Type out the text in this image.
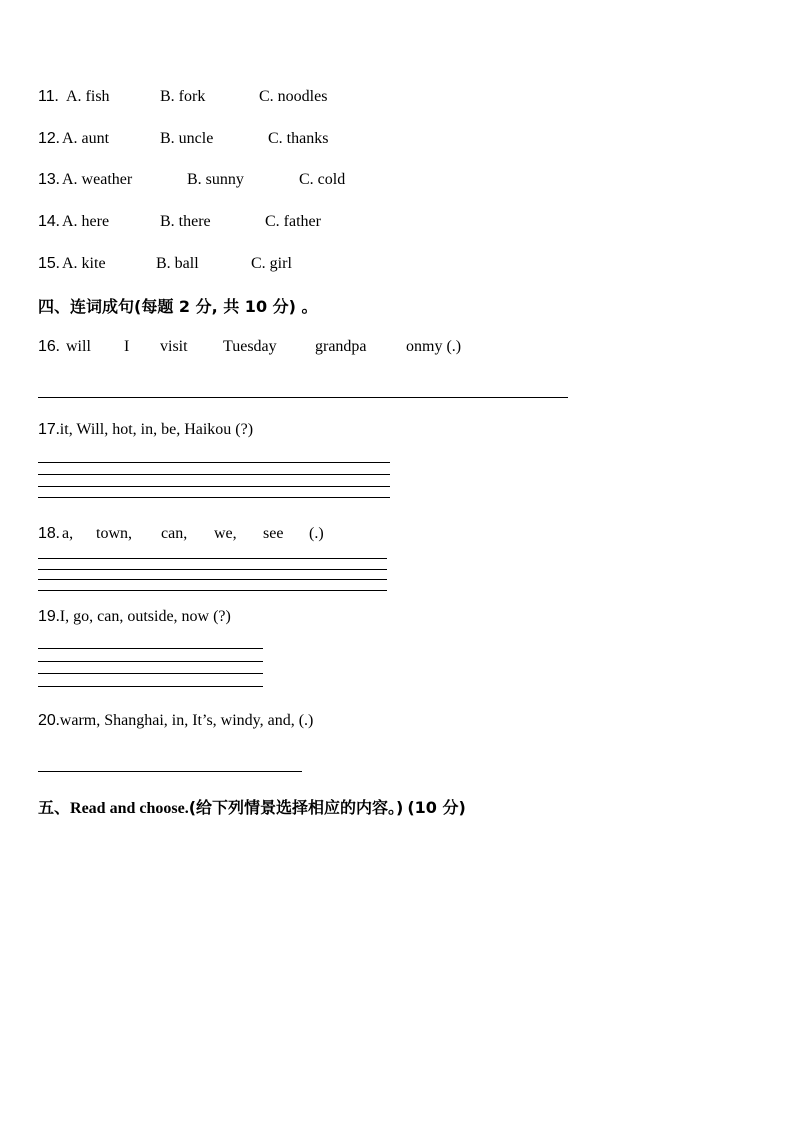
11. A. fish	B. fork	C. noodles
12. A. aunt	B. uncle	C. thanks
13. A. weather	B. sunny	C. cold
14. A. here	B. there	C. father
15. A. kite	B. ball	C. girl
四、连词成句(每题 2 分, 共 10 分) 。
16. will I visit Tuesday grandpa onmy (.)
17.it, Will, hot, in, be, Haikou (?)
18. a, town, can, we, see (.)
19.I, go, can, outside, now (?)
20.warm, Shanghai, in, It’s, windy, and, (.)
五、Read and choose.(给下列情景选择相应的内容。) (10 分)
